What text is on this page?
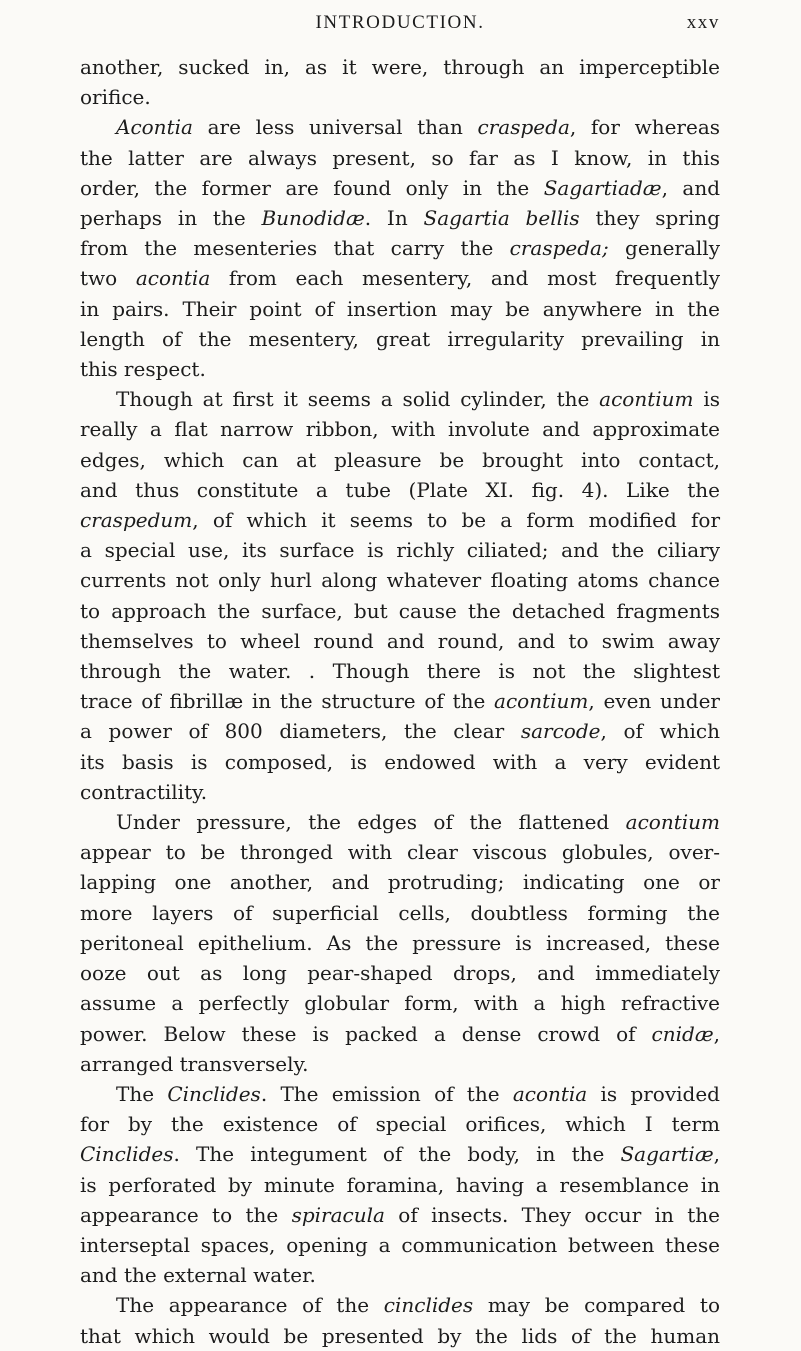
INTRODUCTION.	xxv

another, sucked in, as it were, through an imperceptible

orifice.

Acontia are less universal than craspeda, for whereas

the latter are always present, so far as I know, in this

order, the former are found only in the Sagartiadæ, and

perhaps in the Bunodidæ. In Sagartia bellis they spring

from the mesenteries that carry the craspeda; generally

two acontia from each mesentery, and most frequently

in pairs. Their point of insertion may be anywhere in the

length of the mesentery, great irregularity prevailing in

this respect.

Though at first it seems a solid cylinder, the acontium is

really a flat narrow ribbon, with involute and approximate

edges, which can at pleasure be brought into contact,

and thus constitute a tube (Plate XI. fig. 4). Like the

craspedum, of which it seems to be a form modified for

a special use, its surface is richly ciliated; and the ciliary

currents not only hurl along whatever floating atoms chance

to approach the surface, but cause the detached fragments

themselves to wheel round and round, and to swim away

through the water. . Though there is not the slightest

trace of fibrillæ in the structure of the acontium, even under

a power of 800 diameters, the clear sarcode, of which

its basis is composed, is endowed with a very evident

contractility.

Under pressure, the edges of the flattened acontium

appear to be thronged with clear viscous globules, over-

lapping one another, and protruding; indicating one or

more layers of superficial cells, doubtless forming the

peritoneal epithelium. As the pressure is increased, these

ooze out as long pear-shaped drops, and immediately

assume a perfectly globular form, with a high refractive

power. Below these is packed a dense crowd of cnidæ,

arranged transversely.

The Cinclides. The emission of the acontia is provided

for by the existence of special orifices, which I term

Cinclides. The integument of the body, in the Sagartiæ,

is perforated by minute foramina, having a resemblance in

appearance to the spiracula of insects. They occur in the

interseptal spaces, opening a communication between these

and the external water.

The appearance of the cinclides may be compared to

that which would be presented by the lids of the human
